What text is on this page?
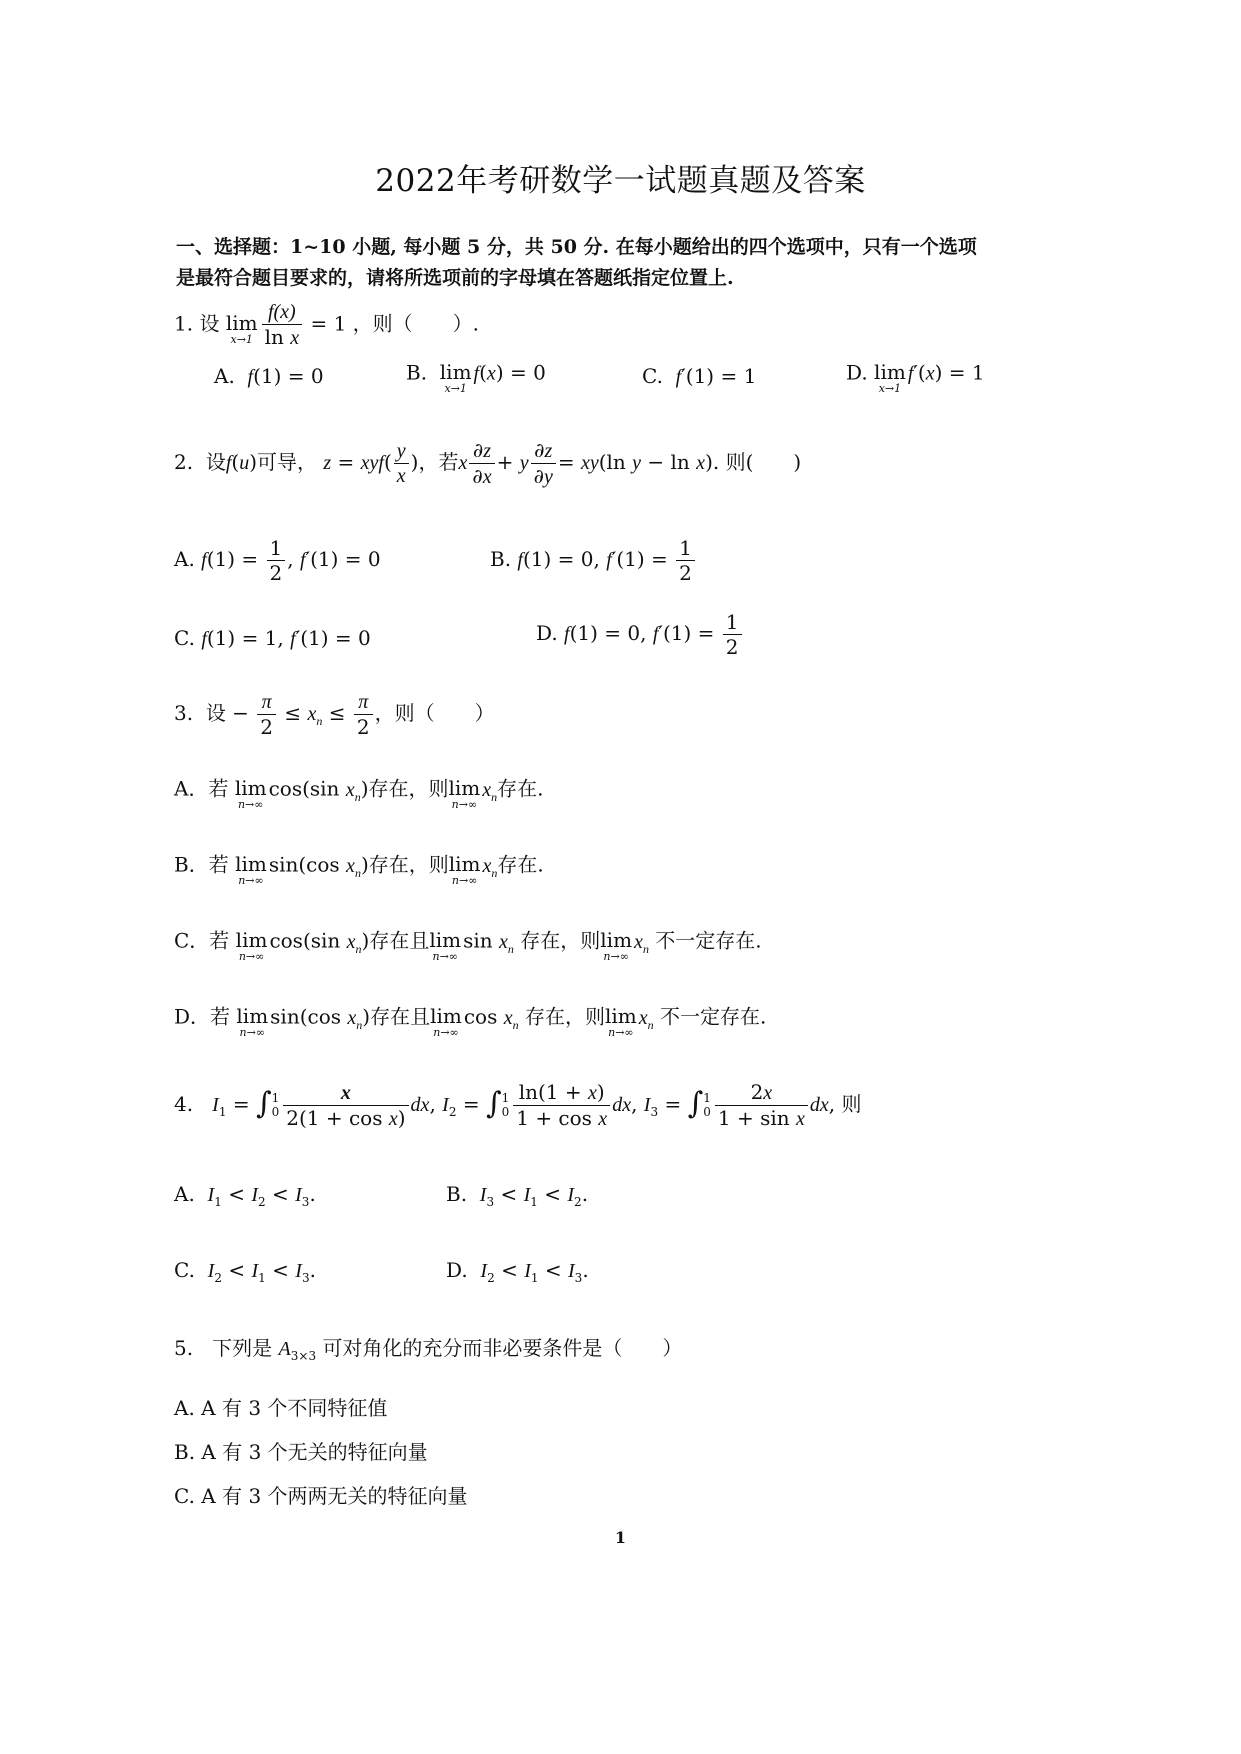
2022年考研数学一试题真题及答案
一、选择题：1~10 小题, 每小题 5 分，共 50 分. 在每小题给出的四个选项中，只有一个选项
是最符合题目要求的，请将所选项前的字母填在答题纸指定位置上.
1. 设 lim
$x\to 1 \frac{f(x)}{\text{ln x}} = 1$ ，则（　　）.
A. f(1) = 0	B. lim
x→1
f(x) = 0	C. f′(1) = 1	D. lim
x→1
f′(x) = 1
2. 设f(u)可导， $z = xyf( \frac{y}{x}$ )，若x $\frac{\partial z}{\partial x} + y \frac{\partial z}{\partial y} = xy(\ln$ y − ln x). 则(　　)
A. $f(1) = \frac{1}{2}$ , f′(1) = 0	B. f(1) = 0, $f'(1) = \frac{1}{2}$
C. f(1) = 1, f′(1) = 0	D. f(1) = 0, $f'(1) = \frac{1}{2}$
3. 设 − $\frac{\pi}{2} \le x_n \le \frac{\pi}{2}$ ，则（　　）
A．若 lim
n→∞
cos(sin $x_n$)存在，则 lim
n→∞
$x_n$存在.
B．若 lim
n→∞
sin(cos $x_n$)存在，则 lim
n→∞
$x_n$存在.
C．若 lim
n→∞
cos(sin $x_n$)存在且 lim
n→∞
$\sin x_n$ 存在，则 lim
n→∞
$x_n$ 不一定存在.
D．若 lim
n→∞
sin(cos $x_n$)存在且 lim
n→∞
$\cos x_n$ 存在，则 lim
n→∞
$x_n$ 不一定存在.
4. $I_1$ = ∫ 1
$0 \frac{x}{\text{2(1 + cos x)}}$ dx, $I_2$ = ∫ 1
$0 \frac{\ln(1 + x)}{\text{1 + cos x}}$ dx, $I_3$ = ∫ 1
$0 \frac{2x}{\text{1 + sin x}}$ dx, 则
A. $I_1 < I_2 < I_3$.	B. $I_3 < I_1 < I_2$.
C. $I_2 < I_1 < I_3$.	D. $I_2 < I_1 < I_3$.
5. 下列是 $A_{3\times 3}$ 可对角化的充分而非必要条件是（　　）
A. A 有 3 个不同特征值
B. A 有 3 个无关的特征向量
C. A 有 3 个两两无关的特征向量
1
